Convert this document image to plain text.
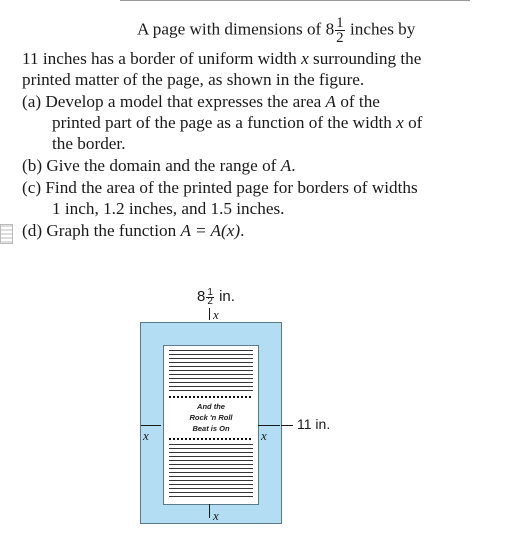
A page with dimensions of $8 \frac{1}{2}$ inches by
11 inches has a border of uniform width x surrounding the
printed matter of the page, as shown in the figure.
(a) Develop a model that expresses the area A of the
printed part of the page as a function of the width x of
the border.
(b) Give the domain and the range of A.
(c) Find the area of the printed page for borders of widths
1 inch, 1.2 inches, and 1.5 inches.
(d) Graph the function A = A(x).
$8 \frac{1}{2}$ in.
x
And the
Rock 'n Roll
Beat is On
x	x
11 in.
x
